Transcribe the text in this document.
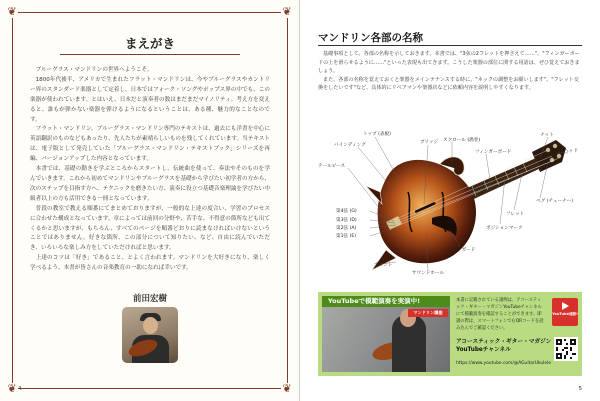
❦	❦
❦	❦
まえがき

ブルーグラス・マンドリンの世界へようこそ。

1800年代後半、アメリカで生まれたフラット・マンドリンは、今やブルーグラスやカントリー界のスタンダード楽器として定着し、日本ではフォーク・ソングやポップス界の中でも、この楽器が使われています。とはいえ、日本だと演奏者の数はまだまだマイノリティ。考え方を変えると、誰もが弾かない楽器を弾けるようになるということは、ある種、魅力的なことなのです。

フラット・マンドリン、ブルーグラス・マンドリン専門のテキストは、過去にも洋書を中心に英語翻訳のものなどもあったり、先人たちが素晴らしいものを残してくれています。当テキストは、電子版として発売していた「ブルーグラス・マンドリン・テキストブック」シリーズを再編、バージョンアップした内容となっています。

本書では、基礎の動きを学ぶところからスタートし、伝統曲を使って、奏法やそのものを学んでいきます。これから初めてマンドリンやブルーグラスを基礎から学びたい初学者の方から、次のステップを目指す方へ、テクニックを磨きたい方、演奏に役立つ基礎音楽理論を学びたい中級者以上の方も活用できる一冊となっています。

普段の教室で教える順番にてまとめておりますが、一般的な上達の度合い、学習のプロセスに合わせた構成となっています。章によっては前回の分野や、苦手な、不得意の箇所なども出てくるかと思いますが、もちろん、すべてのページを順番どおりに読まなければいけないということではありません。好きな箇所、この部分について知りたい、など、自由に読んでいただき、いろいろな楽しみ方をしていただければと思います。

上達のコツは「好き」であること、とよく言われます。マンドリンを大好きになり、楽しく学べるよう、本書が皆さんの音楽教育の一助になれば幸いです。

前田宏樹
4
マンドリン各部の名称

基礎事項として、各部の名称を示しておきます。本書では、"3弦の2フレットを押さえて……"、"フィンガーボードの上を滑らせるように……"といった表現も出てきます。こうした楽器の部位に関する用語は、ぜひ覚えておきましょう。

また、各部の名称を覚えておくと楽器をメインテナンスする時に、"ネックの調整をお願いします"、"フレット交換をしたいです"など、具体的にリペアマンや楽器店などに依頼内容を説明しやすくなります。

トップ (表板)
バインディング
ブリッジ スクロール (渦巻)
フィンガーボード
ナット
ヘッド
テールピース
ネック
第4弦 (G)
第3弦 (D)
第2弦 (A)
第1弦 (E)
フレット
ペグ (チューナー)
ポジションマーク
ピックガード
ポイント
サウンドホール
YouTubeで模範演奏を実演中!
マンドリン講座
本書に記載されている譜例は、アコースティック・ギター・マガジンYouTubeチャンネルにて模範演奏を確認することができます。即譜の際は、スマートフォンで右QRコードを読み込んでご確認ください。
YouTube連動!
アコースティック・ギター・マガジン
YouTubeチャンネル
https://www.youtube.com/@AGuitarUkulele
5
